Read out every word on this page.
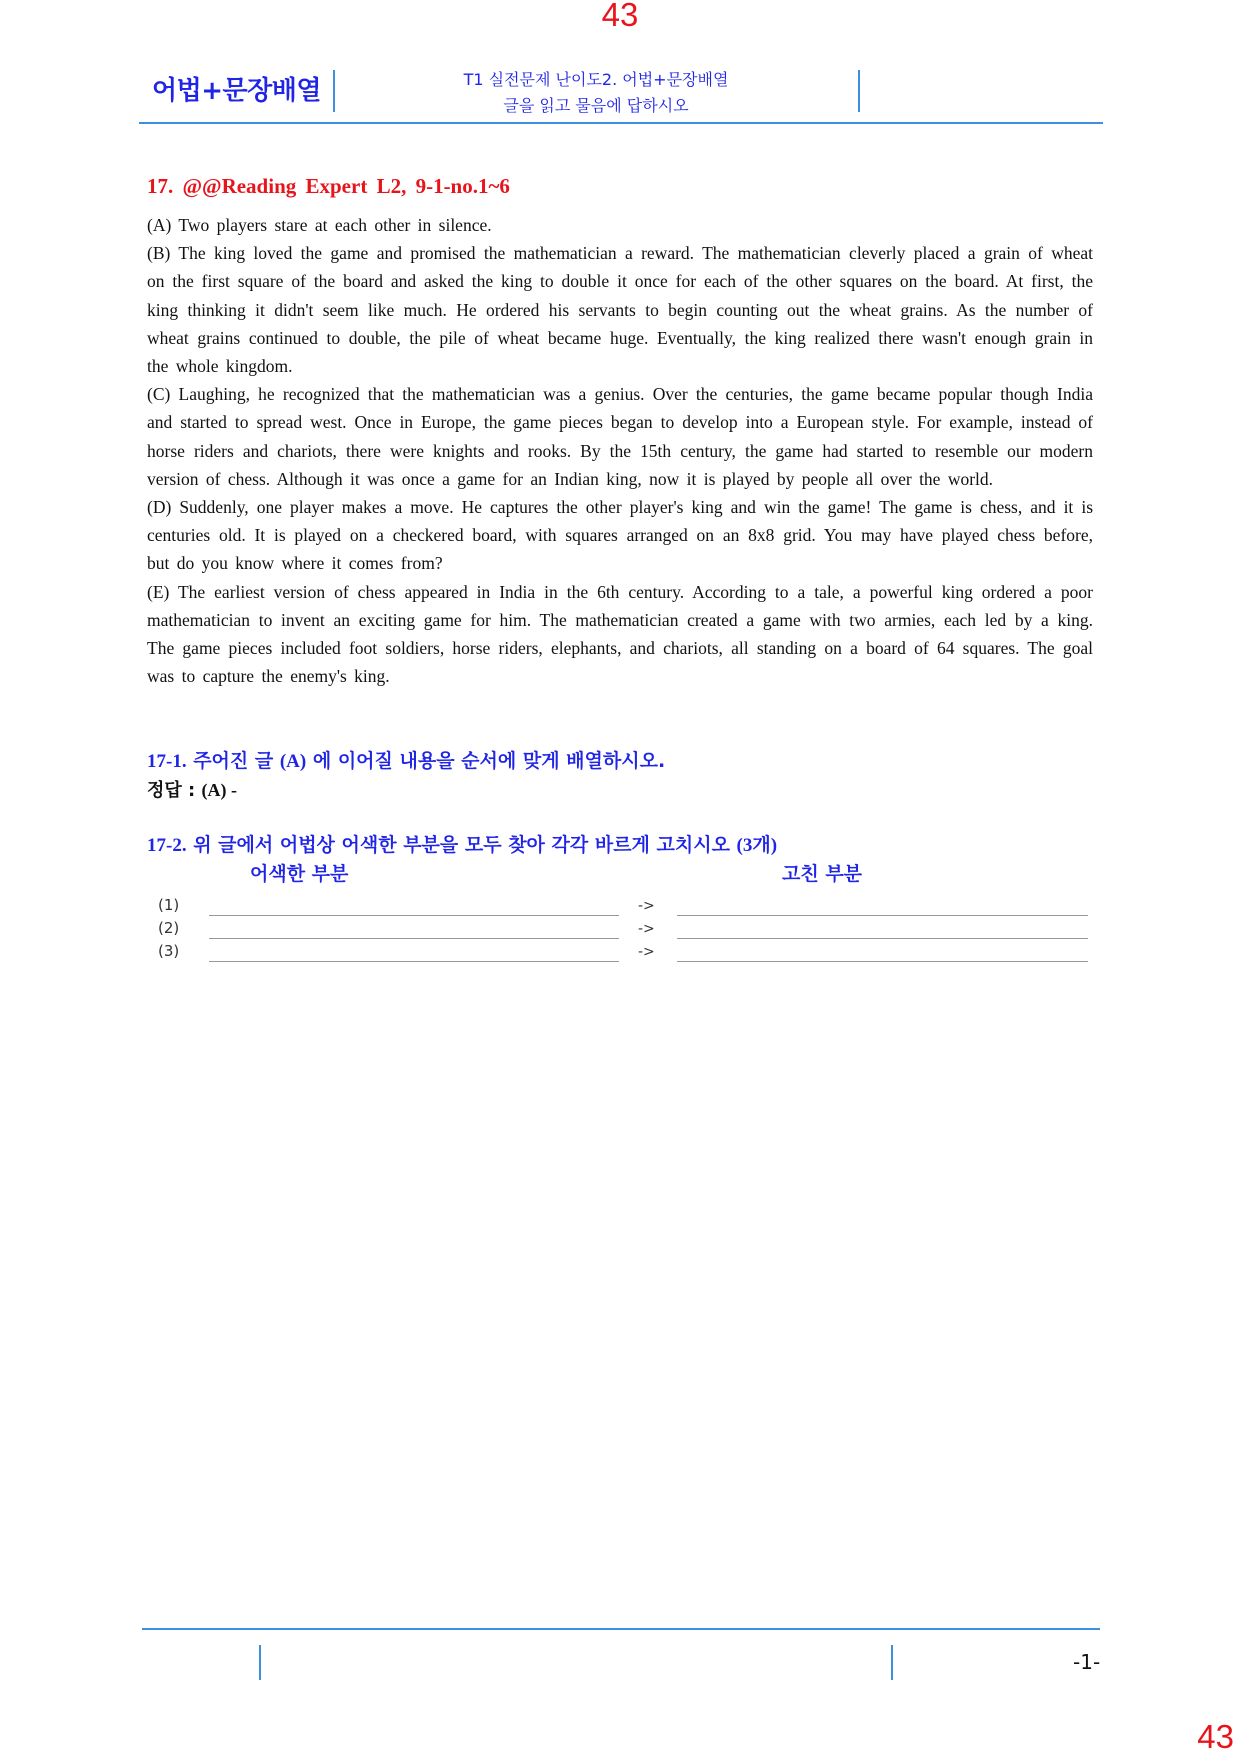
43
어법+문장배열	T1 실전문제 난이도2. 어법+문장배열
글을 읽고 물음에 답하시오
17. @@Reading Expert L2, 9-1-no.1~6

(A) Two players stare at each other in silence.

(B) The king loved the game and promised the mathematician a reward. The mathematician cleverly placed a grain of wheat on the first square of the board and asked the king to double it once for each of the other squares on the board. At first, the king thinking it didn't seem like much. He ordered his servants to begin counting out the wheat grains. As the number of wheat grains continued to double, the pile of wheat became huge. Eventually, the king realized there wasn't enough grain in the whole kingdom.

(C) Laughing, he recognized that the mathematician was a genius. Over the centuries, the game became popular though India and started to spread west. Once in Europe, the game pieces began to develop into a European style. For example, instead of horse riders and chariots, there were knights and rooks. By the 15th century, the game had started to resemble our modern version of chess. Although it was once a game for an Indian king, now it is played by people all over the world.

(D) Suddenly, one player makes a move. He captures the other player's king and win the game! The game is chess, and it is centuries old. It is played on a checkered board, with squares arranged on an 8x8 grid. You may have played chess before, but do you know where it comes from?

(E) The earliest version of chess appeared in India in the 6th century. According to a tale, a powerful king ordered a poor mathematician to invent an exciting game for him. The mathematician created a game with two armies, each led by a king. The game pieces included foot soldiers, horse riders, elephants, and chariots, all standing on a board of 64 squares. The goal was to capture the enemy's king.

17-1. 주어진 글 (A) 에 이어질 내용을 순서에 맞게 배열하시오.
정답 : (A) -
17-2. 위 글에서 어법상 어색한 부분을 모두 찾아 각각 바르게 고치시오 (3개)
어색한 부분	고친 부분
(1)	->
(2)	->
(3)	->
-1-
43
